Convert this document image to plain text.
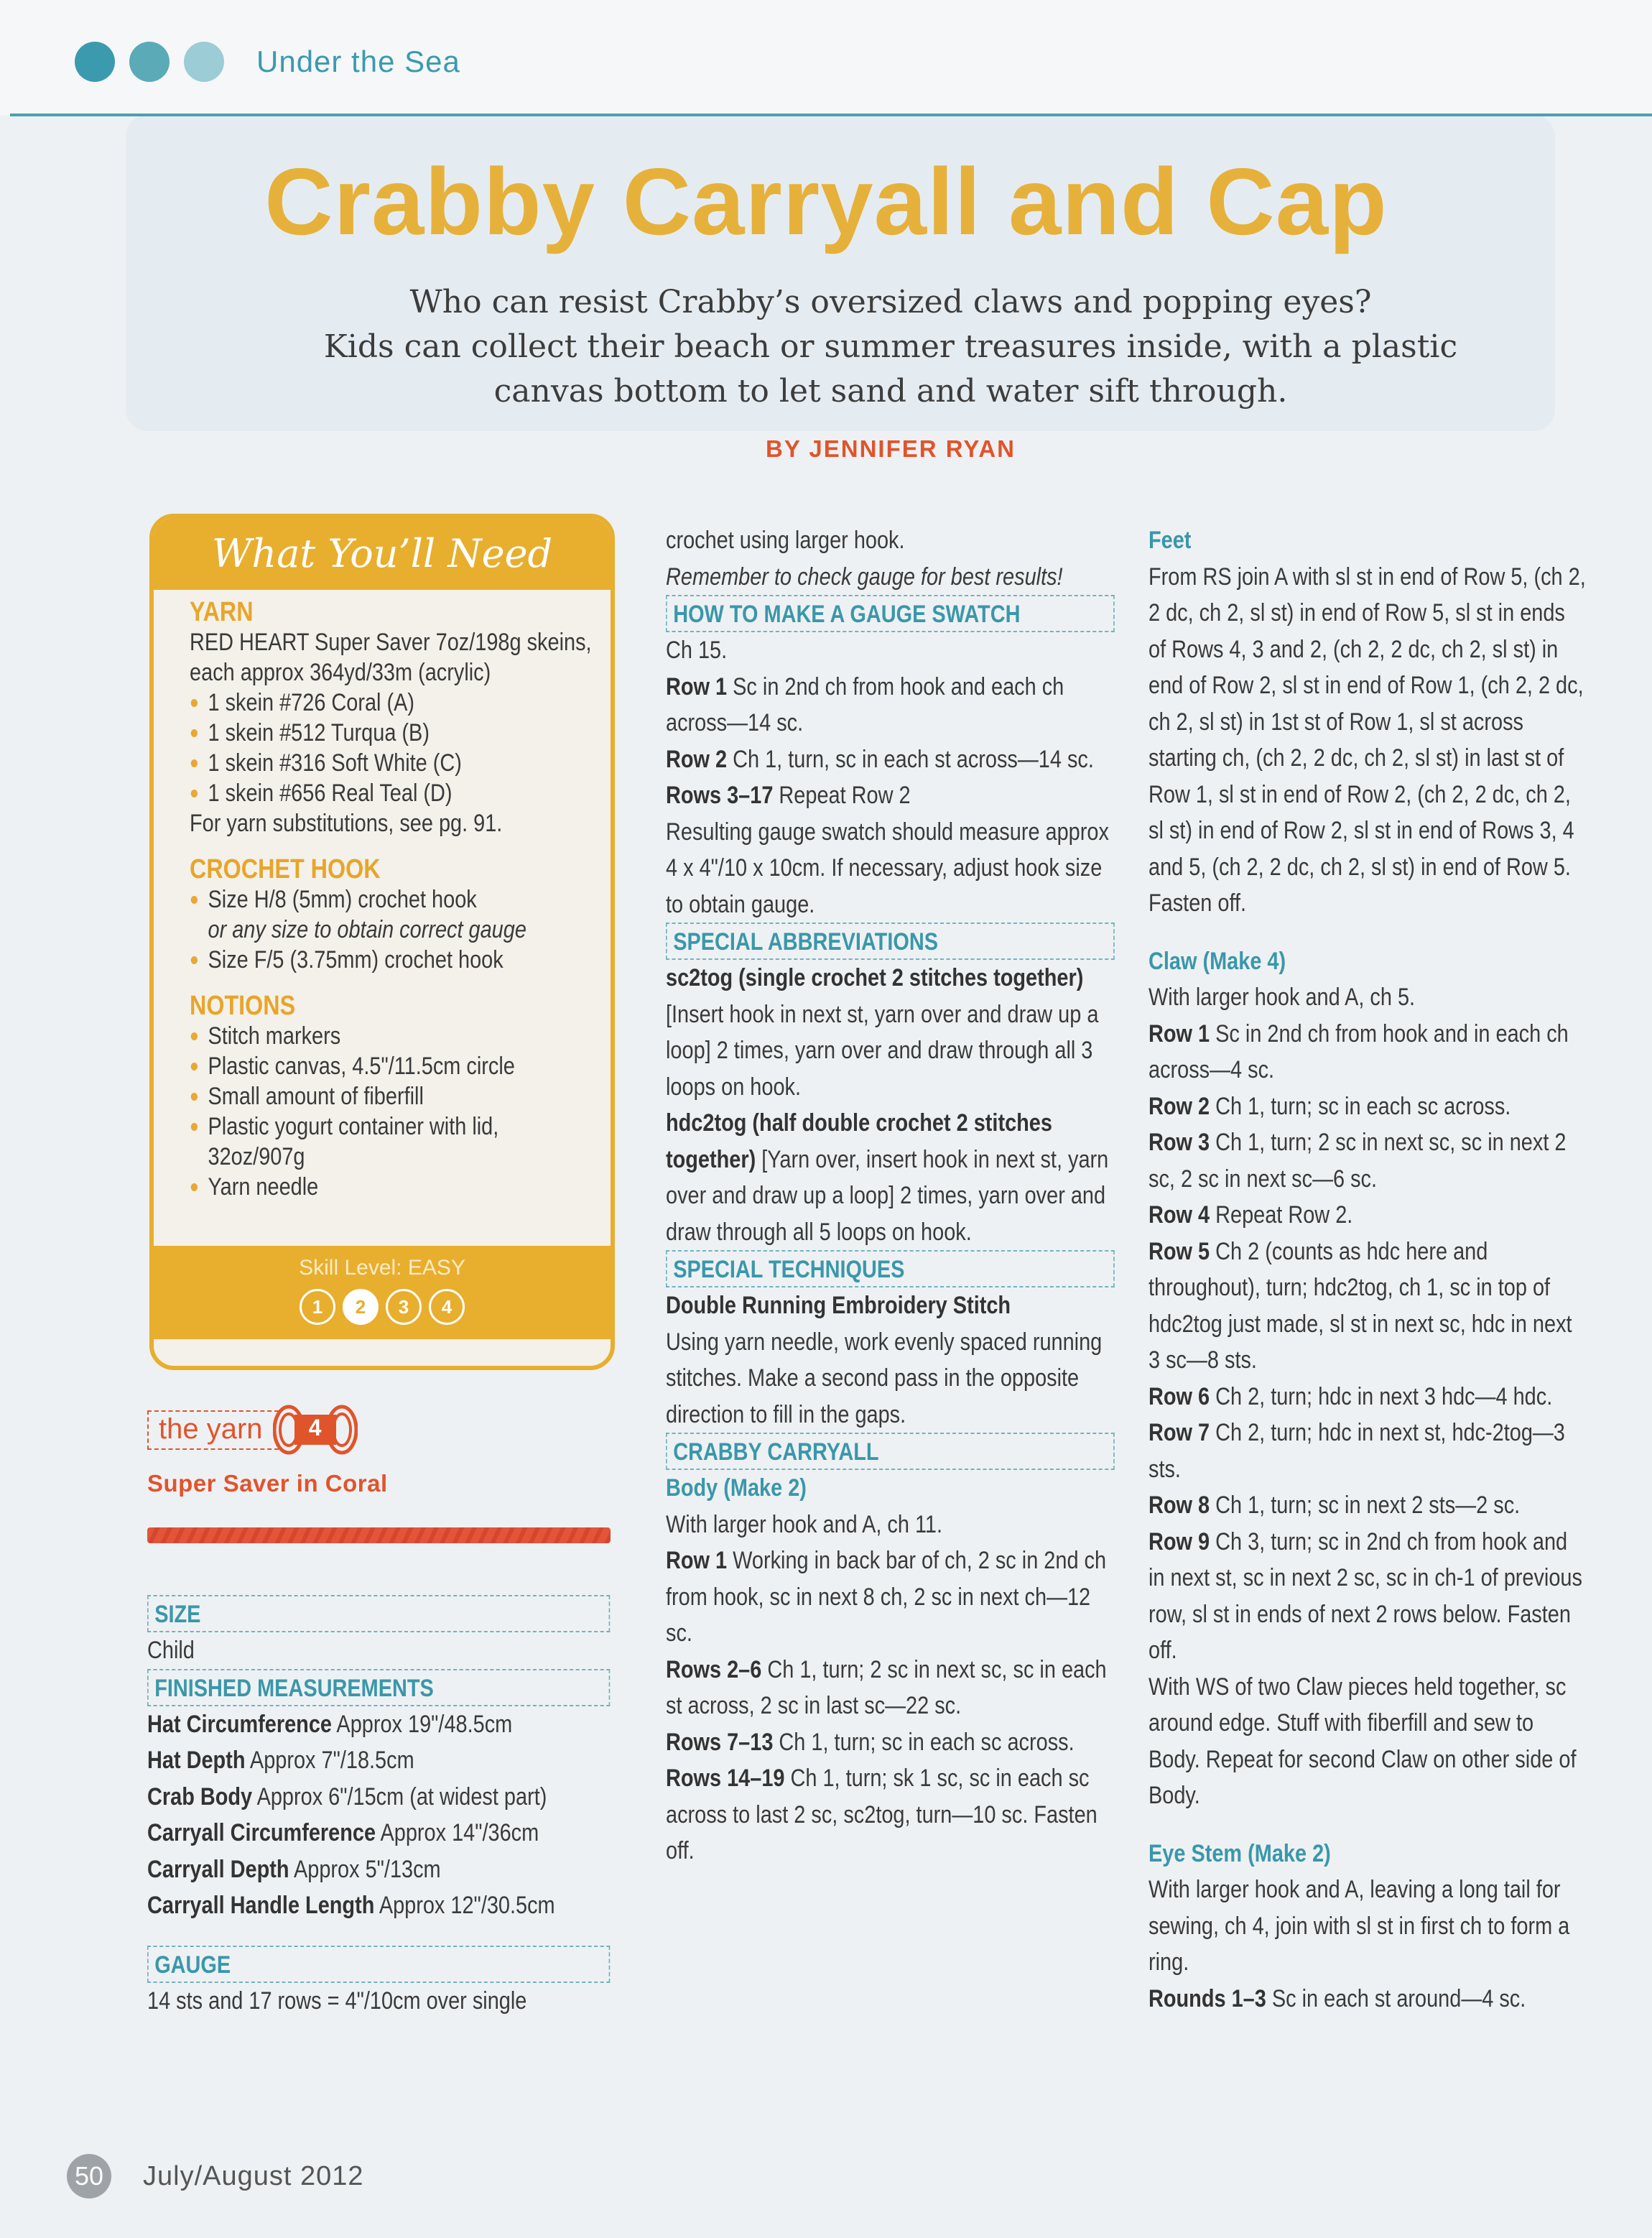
Under the Sea
Crabby Carryall and Cap
Who can resist Crabby’s oversized claws and popping eyes?
Kids can collect their beach or summer treasures inside, with a plastic
canvas bottom to let sand and water sift through.
BY JENNIFER RYAN
What You’ll Need
YARN
RED HEART Super Saver 7oz/198g skeins, each approx 364yd/33m (acrylic)
1 skein #726 Coral (A)
1 skein #512 Turqua (B)
1 skein #316 Soft White (C)
1 skein #656 Real Teal (D)
For yarn substitutions, see pg. 91.
CROCHET HOOK
Size H/8 (5mm) crochet hook
or any size to obtain correct gauge
Size F/5 (3.75mm) crochet hook
NOTIONS
Stitch markers
Plastic canvas, 4.5"/11.5cm circle
Small amount of fiberfill
Plastic yogurt container with lid, 32oz/907g
Yarn needle
Skill Level: EASY
1	2	3	4
the yarn	4
Super Saver in Coral

SIZE

Child

FINISHED MEASUREMENTS

Hat Circumference Approx 19"/48.5cm

Hat Depth Approx 7"/18.5cm

Crab Body Approx 6"/15cm (at widest part)

Carryall Circumference Approx 14"/36cm

Carryall Depth Approx 5"/13cm

Carryall Handle Length Approx 12"/30.5cm

GAUGE

14 sts and 17 rows = 4"/10cm over single

crochet using larger hook.

Remember to check gauge for best results!

HOW TO MAKE A GAUGE SWATCH

Ch 15.

Row 1 Sc in 2nd ch from hook and each ch across—14 sc.

Row 2 Ch 1, turn, sc in each st across—14 sc.

Rows 3–17 Repeat Row 2

Resulting gauge swatch should measure approx 4 x 4"/10 x 10cm. If necessary, adjust hook size to obtain gauge.

SPECIAL ABBREVIATIONS

sc2tog (single crochet 2 stitches together) [Insert hook in next st, yarn over and draw up a loop] 2 times, yarn over and draw through all 3 loops on hook.

hdc2tog (half double crochet 2 stitches together) [Yarn over, insert hook in next st, yarn over and draw up a loop] 2 times, yarn over and draw through all 5 loops on hook.

SPECIAL TECHNIQUES

Double Running Embroidery Stitch
Using yarn needle, work evenly spaced running stitches. Make a second pass in the opposite direction to fill in the gaps.

CRABBY CARRYALL

Body (Make 2)

With larger hook and A, ch 11.

Row 1 Working in back bar of ch, 2 sc in 2nd ch from hook, sc in next 8 ch, 2 sc in next ch—12 sc.

Rows 2–6 Ch 1, turn; 2 sc in next sc, sc in each st across, 2 sc in last sc—22 sc.

Rows 7–13 Ch 1, turn; sc in each sc across.

Rows 14–19 Ch 1, turn; sk 1 sc, sc in each sc across to last 2 sc, sc2tog, turn—10 sc. Fasten off.

Feet

From RS join A with sl st in end of Row 5, (ch 2, 2 dc, ch 2, sl st) in end of Row 5, sl st in ends of Rows 4, 3 and 2, (ch 2, 2 dc, ch 2, sl st) in end of Row 2, sl st in end of Row 1, (ch 2, 2 dc, ch 2, sl st) in 1st st of Row 1, sl st across starting ch, (ch 2, 2 dc, ch 2, sl st) in last st of Row 1, sl st in end of Row 2, (ch 2, 2 dc, ch 2, sl st) in end of Row 2, sl st in end of Rows 3, 4 and 5, (ch 2, 2 dc, ch 2, sl st) in end of Row 5. Fasten off.

Claw (Make 4)

With larger hook and A, ch 5.

Row 1 Sc in 2nd ch from hook and in each ch across—4 sc.

Row 2 Ch 1, turn; sc in each sc across.

Row 3 Ch 1, turn; 2 sc in next sc, sc in next 2 sc, 2 sc in next sc—6 sc.

Row 4 Repeat Row 2.

Row 5 Ch 2 (counts as hdc here and throughout), turn; hdc2tog, ch 1, sc in top of hdc2tog just made, sl st in next sc, hdc in next 3 sc—8 sts.

Row 6 Ch 2, turn; hdc in next 3 hdc—4 hdc.

Row 7 Ch 2, turn; hdc in next st, hdc-2tog—3 sts.

Row 8 Ch 1, turn; sc in next 2 sts—2 sc.

Row 9 Ch 3, turn; sc in 2nd ch from hook and in next st, sc in next 2 sc, sc in ch-1 of previous row, sl st in ends of next 2 rows below. Fasten off.

With WS of two Claw pieces held together, sc around edge. Stuff with fiberfill and sew to Body. Repeat for second Claw on other side of Body.

Eye Stem (Make 2)

With larger hook and A, leaving a long tail for sewing, ch 4, join with sl st in first ch to form a ring.

Rounds 1–3 Sc in each st around—4 sc.

50 July/August 2012
